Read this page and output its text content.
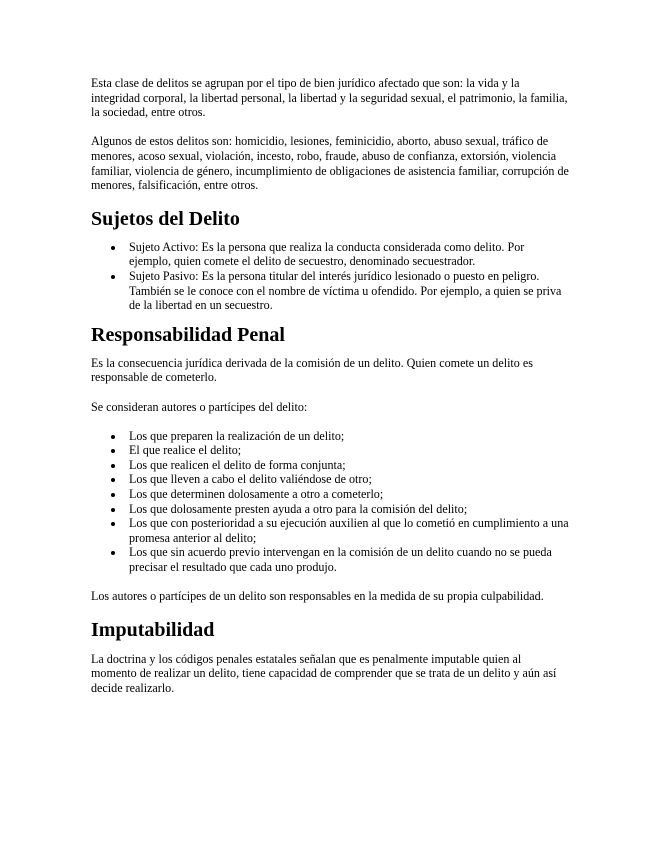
Esta clase de delitos se agrupan por el tipo de bien jurídico afectado que son: la vida y la integridad corporal, la libertad personal, la libertad y la seguridad sexual, el patrimonio, la familia, la sociedad, entre otros.

Algunos de estos delitos son: homicidio, lesiones, feminicidio, aborto, abuso sexual, tráfico de menores, acoso sexual, violación, incesto, robo, fraude, abuso de confianza, extorsión, violencia familiar, violencia de género, incumplimiento de obligaciones de asistencia familiar, corrupción de menores, falsificación, entre otros.

Sujetos del Delito
Sujeto Activo: Es la persona que realiza la conducta considerada como delito. Por ejemplo, quien comete el delito de secuestro, denominado secuestrador.
Sujeto Pasivo: Es la persona titular del interés jurídico lesionado o puesto en peligro. También se le conoce con el nombre de víctima u ofendido. Por ejemplo, a quien se priva de la libertad en un secuestro.
Responsabilidad Penal

Es la consecuencia jurídica derivada de la comisión de un delito. Quien comete un delito es responsable de cometerlo.

Se consideran autores o partícipes del delito:

Los que preparen la realización de un delito;
El que realice el delito;
Los que realicen el delito de forma conjunta;
Los que lleven a cabo el delito valiéndose de otro;
Los que determinen dolosamente a otro a cometerlo;
Los que dolosamente presten ayuda a otro para la comisión del delito;
Los que con posterioridad a su ejecución auxilien al que lo cometió en cumplimiento a una promesa anterior al delito;
Los que sin acuerdo previo intervengan en la comisión de un delito cuando no se pueda precisar el resultado que cada uno produjo.

Los autores o partícipes de un delito son responsables en la medida de su propia culpabilidad.

Imputabilidad

La doctrina y los códigos penales estatales señalan que es penalmente imputable quien al momento de realizar un delito, tiene capacidad de comprender que se trata de un delito y aún así decide realizarlo.
